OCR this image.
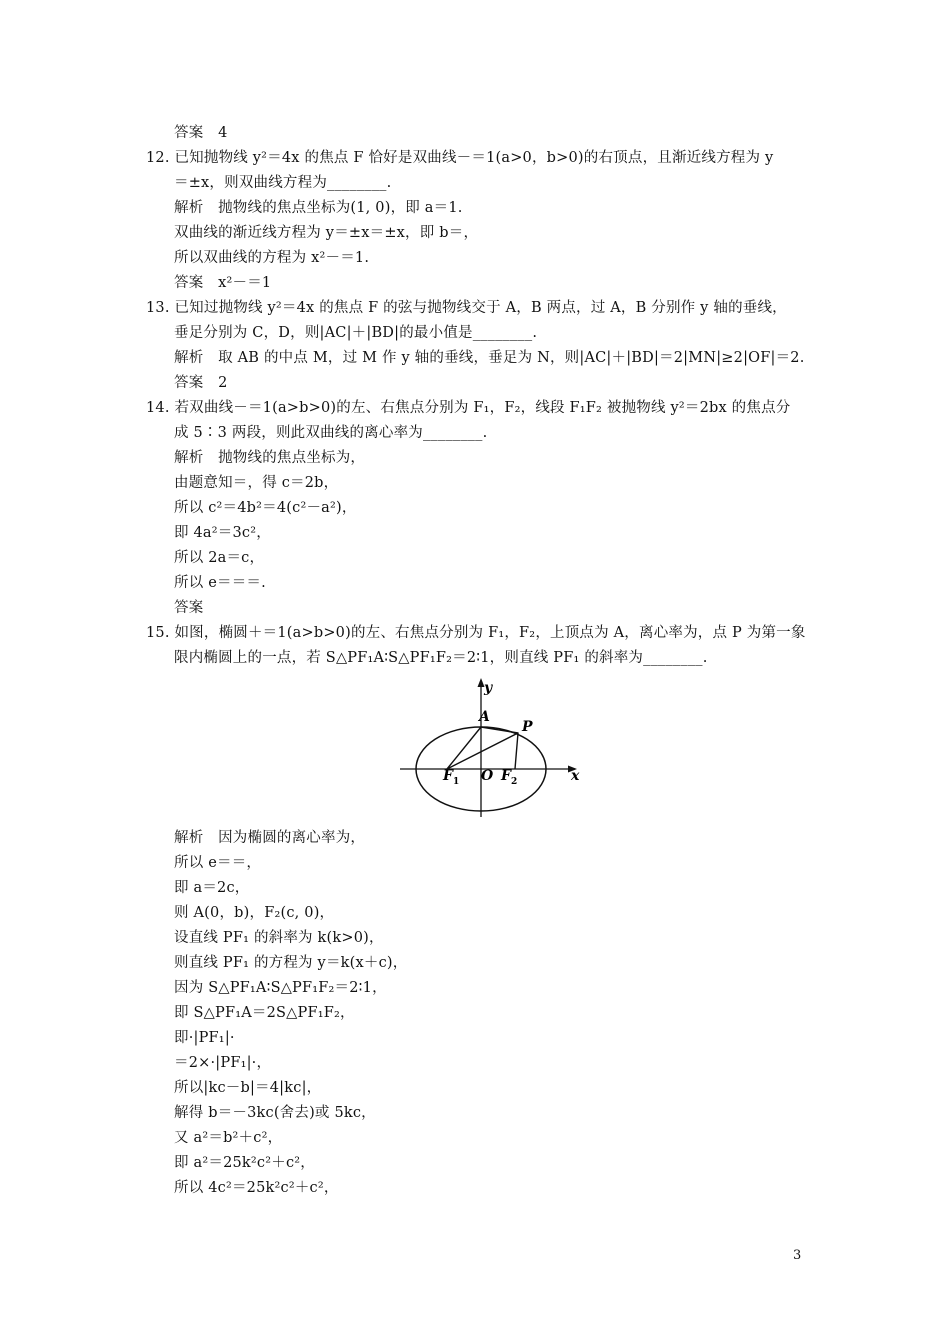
答案　4
12. 已知抛物线 y²＝4x 的焦点 F 恰好是双曲线－＝1(a>0，b>0)的右顶点，且渐近线方程为 y
＝±x，则双曲线方程为________.
解析　抛物线的焦点坐标为(1, 0)，即 a＝1.
双曲线的渐近线方程为 y＝±x＝±x，即 b＝，
所以双曲线的方程为 x²－＝1.
答案　x²－＝1
13. 已知过抛物线 y²＝4x 的焦点 F 的弦与抛物线交于 A，B 两点，过 A，B 分别作 y 轴的垂线，
垂足分别为 C，D，则|AC|＋|BD|的最小值是________.
解析　取 AB 的中点 M，过 M 作 y 轴的垂线，垂足为 N，则|AC|＋|BD|＝2|MN|≥2|OF|＝2.
答案　2
14. 若双曲线－＝1(a>b>0)的左、右焦点分别为 F₁，F₂，线段 F₁F₂ 被抛物线 y²＝2bx 的焦点分
成 5∶3 两段，则此双曲线的离心率为________.
解析　抛物线的焦点坐标为，
由题意知＝，得 c＝2b，
所以 c²＝4b²＝4(c²－a²)，
即 4a²＝3c²，
所以 2a＝c，
所以 e＝＝＝.
答案
15. 如图，椭圆＋＝1(a>b>0)的左、右焦点分别为 F₁，F₂，上顶点为 A，离心率为，点 P 为第一象
限内椭圆上的一点，若 S△PF₁A∶S△PF₁F₂＝2∶1，则直线 PF₁ 的斜率为________.
y
x
A
P
O
F 1	F 2
解析　因为椭圆的离心率为，
所以 e＝＝，
即 a＝2c，
则 A(0，b)，F₂(c, 0)，
设直线 PF₁ 的斜率为 k(k>0)，
则直线 PF₁ 的方程为 y＝k(x＋c)，
因为 S△PF₁A∶S△PF₁F₂＝2∶1，
即 S△PF₁A＝2S△PF₁F₂，
即·|PF₁|·
＝2×·|PF₁|·，
所以|kc－b|＝4|kc|，
解得 b＝－3kc(舍去)或 5kc，
又 a²＝b²＋c²，
即 a²＝25k²c²＋c²，
所以 4c²＝25k²c²＋c²，
3
